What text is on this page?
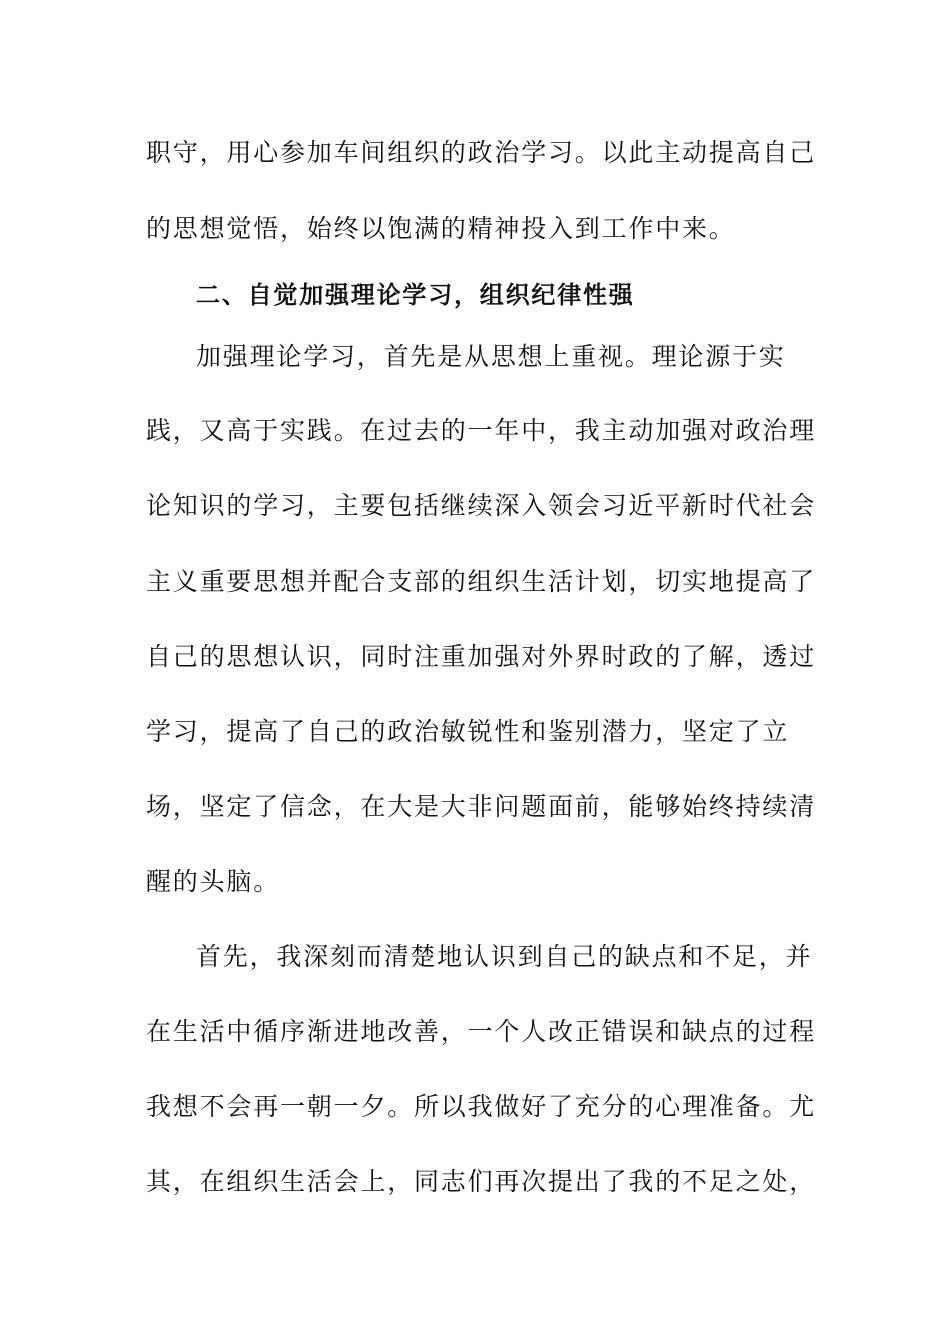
职守，用心参加车间组织的政治学习。以此主动提高自己
的思想觉悟，始终以饱满的精神投入到工作中来。
二、自觉加强理论学习，组织纪律性强
加强理论学习，首先是从思想上重视。理论源于实
践，又高于实践。在过去的一年中，我主动加强对政治理
论知识的学习，主要包括继续深入领会习近平新时代社会
主义重要思想并配合支部的组织生活计划，切实地提高了
自己的思想认识，同时注重加强对外界时政的了解，透过
学习，提高了自己的政治敏锐性和鉴别潜力，坚定了立
场，坚定了信念，在大是大非问题面前，能够始终持续清
醒的头脑。
首先，我深刻而清楚地认识到自己的缺点和不足，并
在生活中循序渐进地改善，一个人改正错误和缺点的过程
我想不会再一朝一夕。所以我做好了充分的心理准备。尤
其，在组织生活会上，同志们再次提出了我的不足之处，
